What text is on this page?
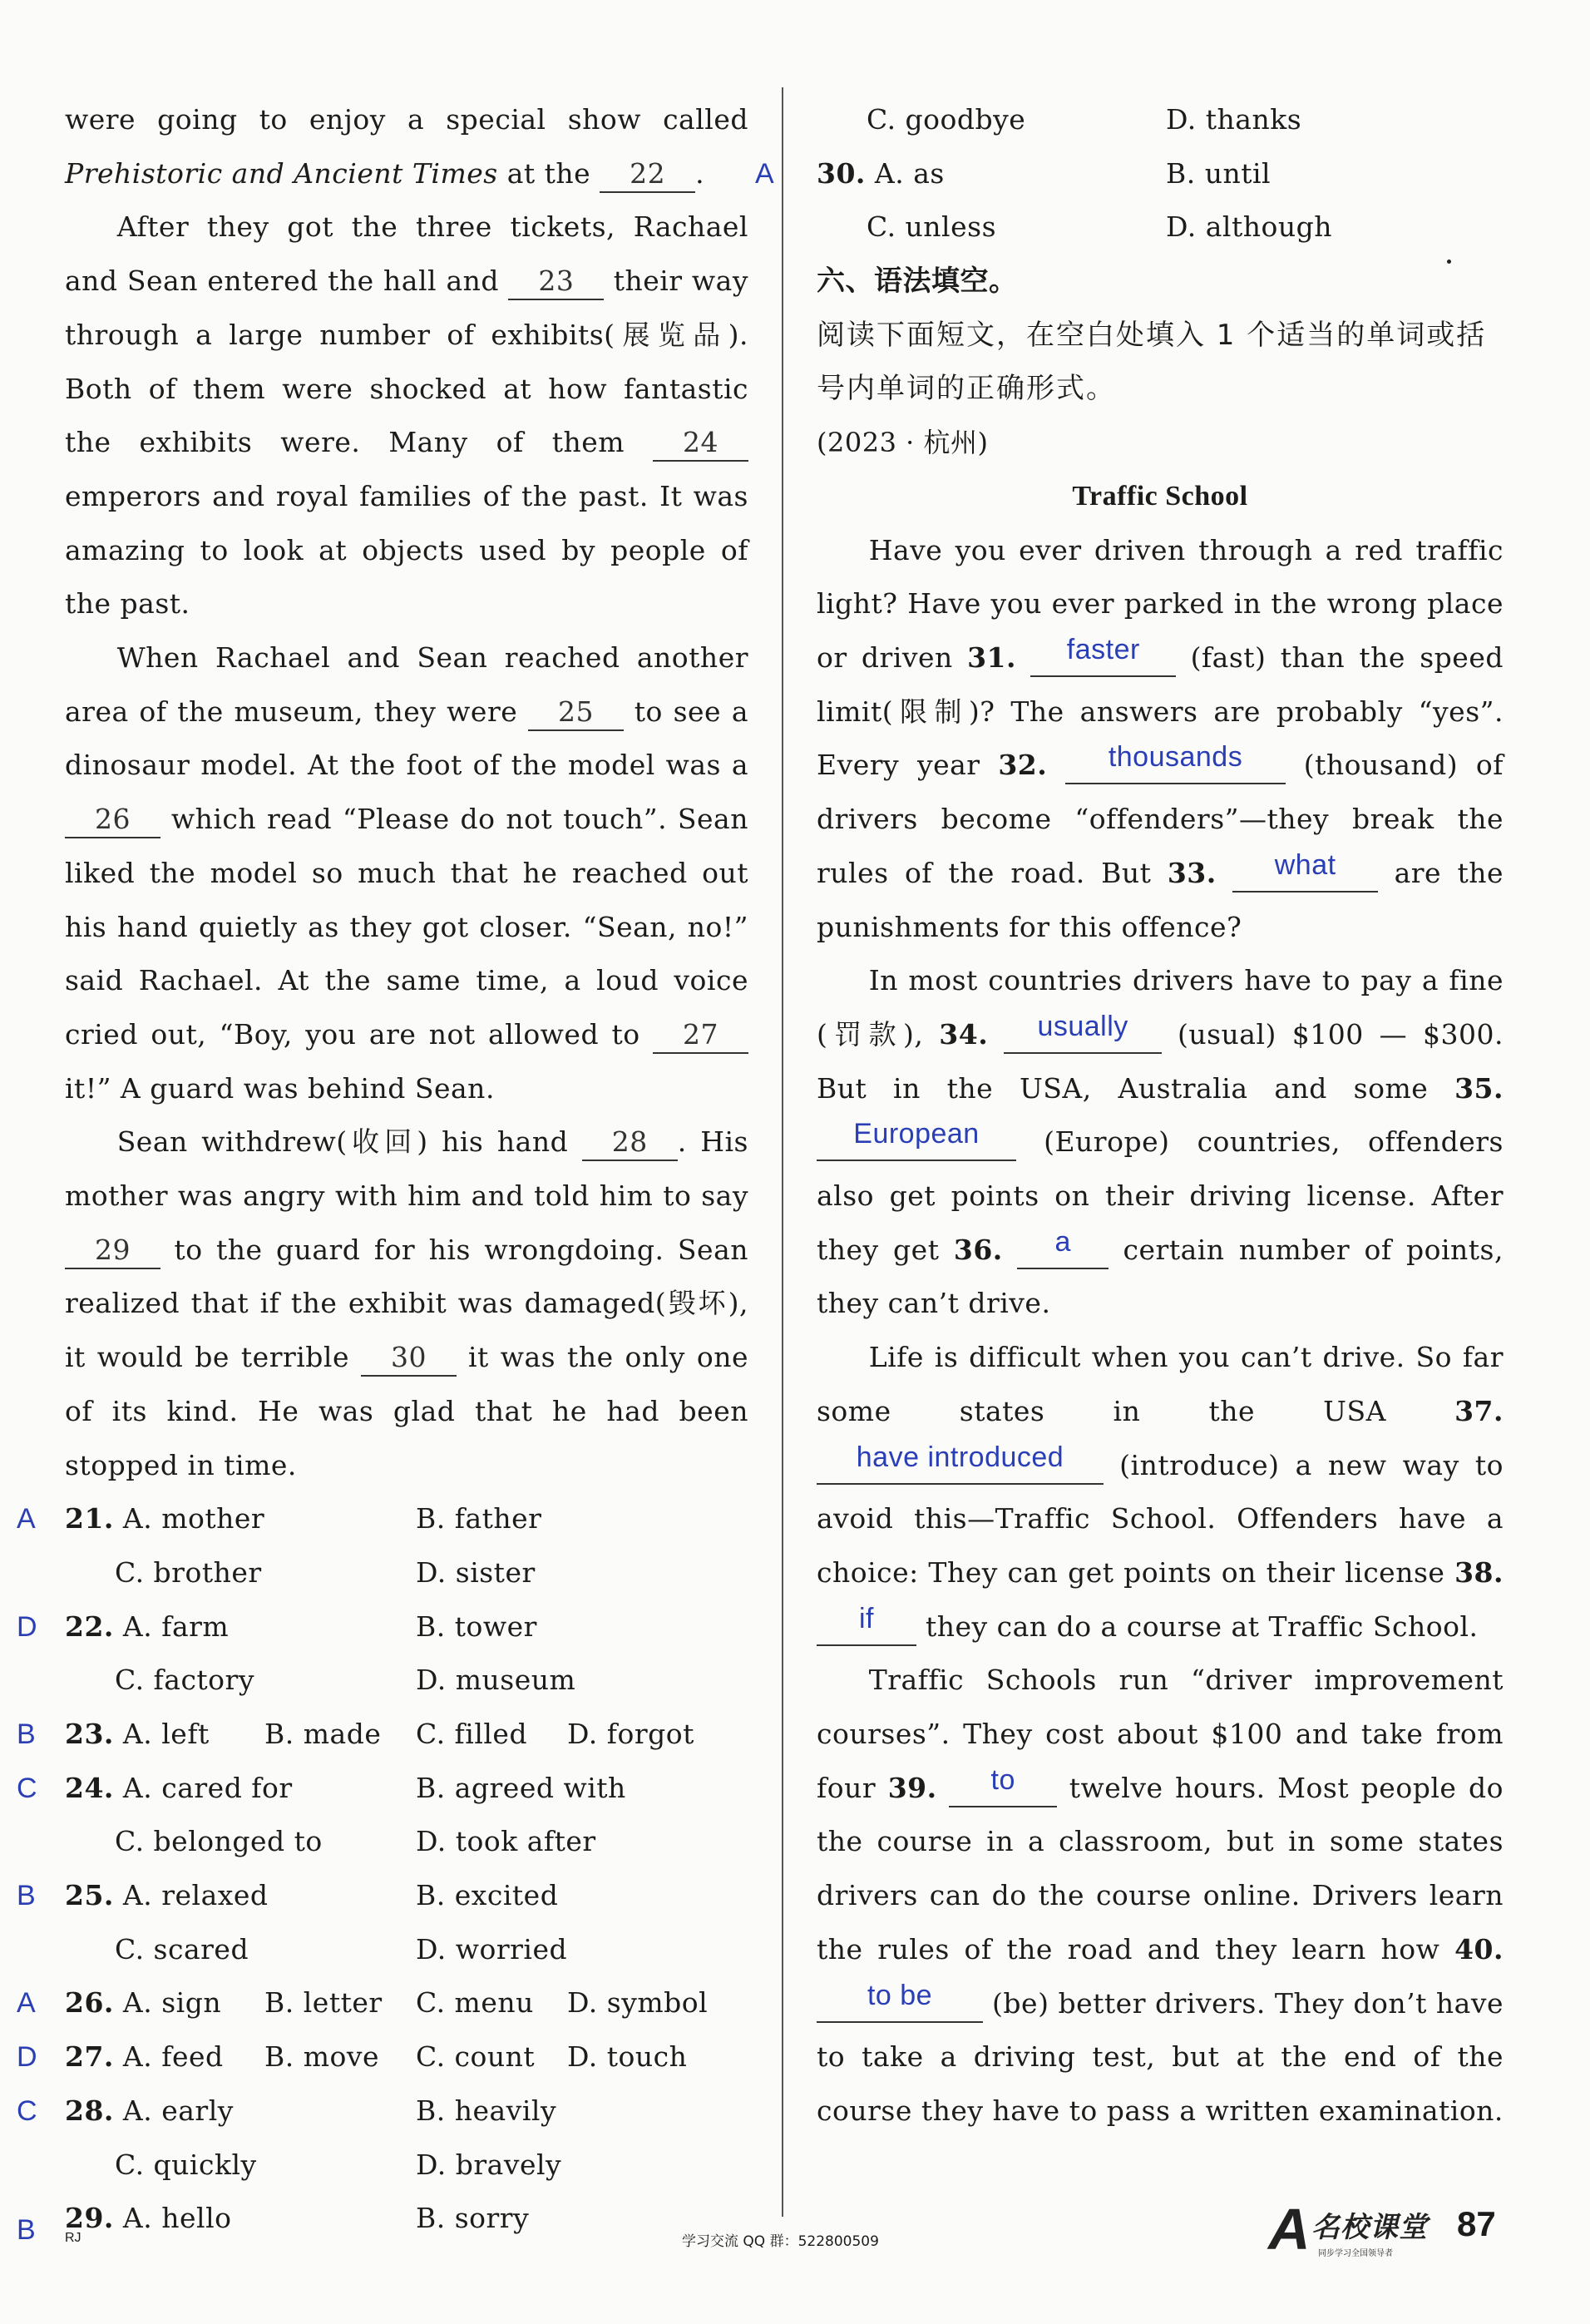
were going to enjoy a special show called Prehistoric and Ancient Times at the 22 .

After they got the three tickets, Rachael and Sean entered the hall and 23 their way through a large number of exhibits(展览品). Both of them were shocked at how fantastic the exhibits were. Many of them 24 emperors and royal families of the past. It was amazing to look at objects used by people of the past.

When Rachael and Sean reached another area of the museum, they were 25 to see a dinosaur model. At the foot of the model was a 26 which read “Please do not touch”. Sean liked the model so much that he reached out his hand quietly as they got closer. “Sean, no!” said Rachael. At the same time, a loud voice cried out, “Boy, you are not allowed to 27 it!” A guard was behind Sean.

Sean withdrew(收回) his hand 28 . His mother was angry with him and told him to say 29 to the guard for his wrongdoing. Sean realized that if the exhibit was damaged(毁坏), it would be terrible 30 it was the only one of its kind. He was glad that he had been stopped in time.

A 21. A. mother	B. father
C. brother	D. sister
D 22. A. farm	B. tower
C. factory	D. museum
B 23. A. left B. made C. filled D. forgot
C 24. A. cared for	B. agreed with
C. belonged to	D. took after
B 25. A. relaxed	B. excited
C. scared	D. worried
A 26. A. sign B. letter C. menu D. symbol
D 27. A. feed B. move C. count D. touch
C 28. A. early	B. heavily
C. quickly	D. bravely
B 29. A. hello	B. sorry
A
C. goodbye	D. thanks
30. A. as	B. until
C. unless	D. although
六、语法填空。
阅读下面短文，在空白处填入 1 个适当的单词或括号内单词的正确形式。
(2023 · 杭州)
Traffic School

Have you ever driven through a red traffic light? Have you ever parked in the wrong place or driven 31. faster (fast) than the speed limit(限制)? The answers are probably “yes”. Every year 32. thousands (thousand) of drivers become “offenders”—they break the rules of the road. But 33. what are the punishments for this offence?

In most countries drivers have to pay a fine (罚款), 34. usually (usual) $100 — $300. But in the USA, Australia and some 35. European (Europe) countries, offenders also get points on their driving license. After they get 36. a certain number of points, they can’t drive.

Life is difficult when you can’t drive. So far some states in the USA 37. have introduced (introduce) a new way to avoid this—Traffic School. Offenders have a choice: They can get points on their license 38. if they can do a course at Traffic School.

Traffic Schools run “driver improvement courses”. They cost about $100 and take from four 39. to twelve hours. Most people do the course in a classroom, but in some states drivers can do the course online. Drivers learn the rules of the road and they learn how 40. to be (be) better drivers. They don’t have to take a driving test, but at the end of the course they have to pass a written examination.

RJ	学习交流 QQ 群：522800509	A 名校课堂
同步学习全国领导者
87
